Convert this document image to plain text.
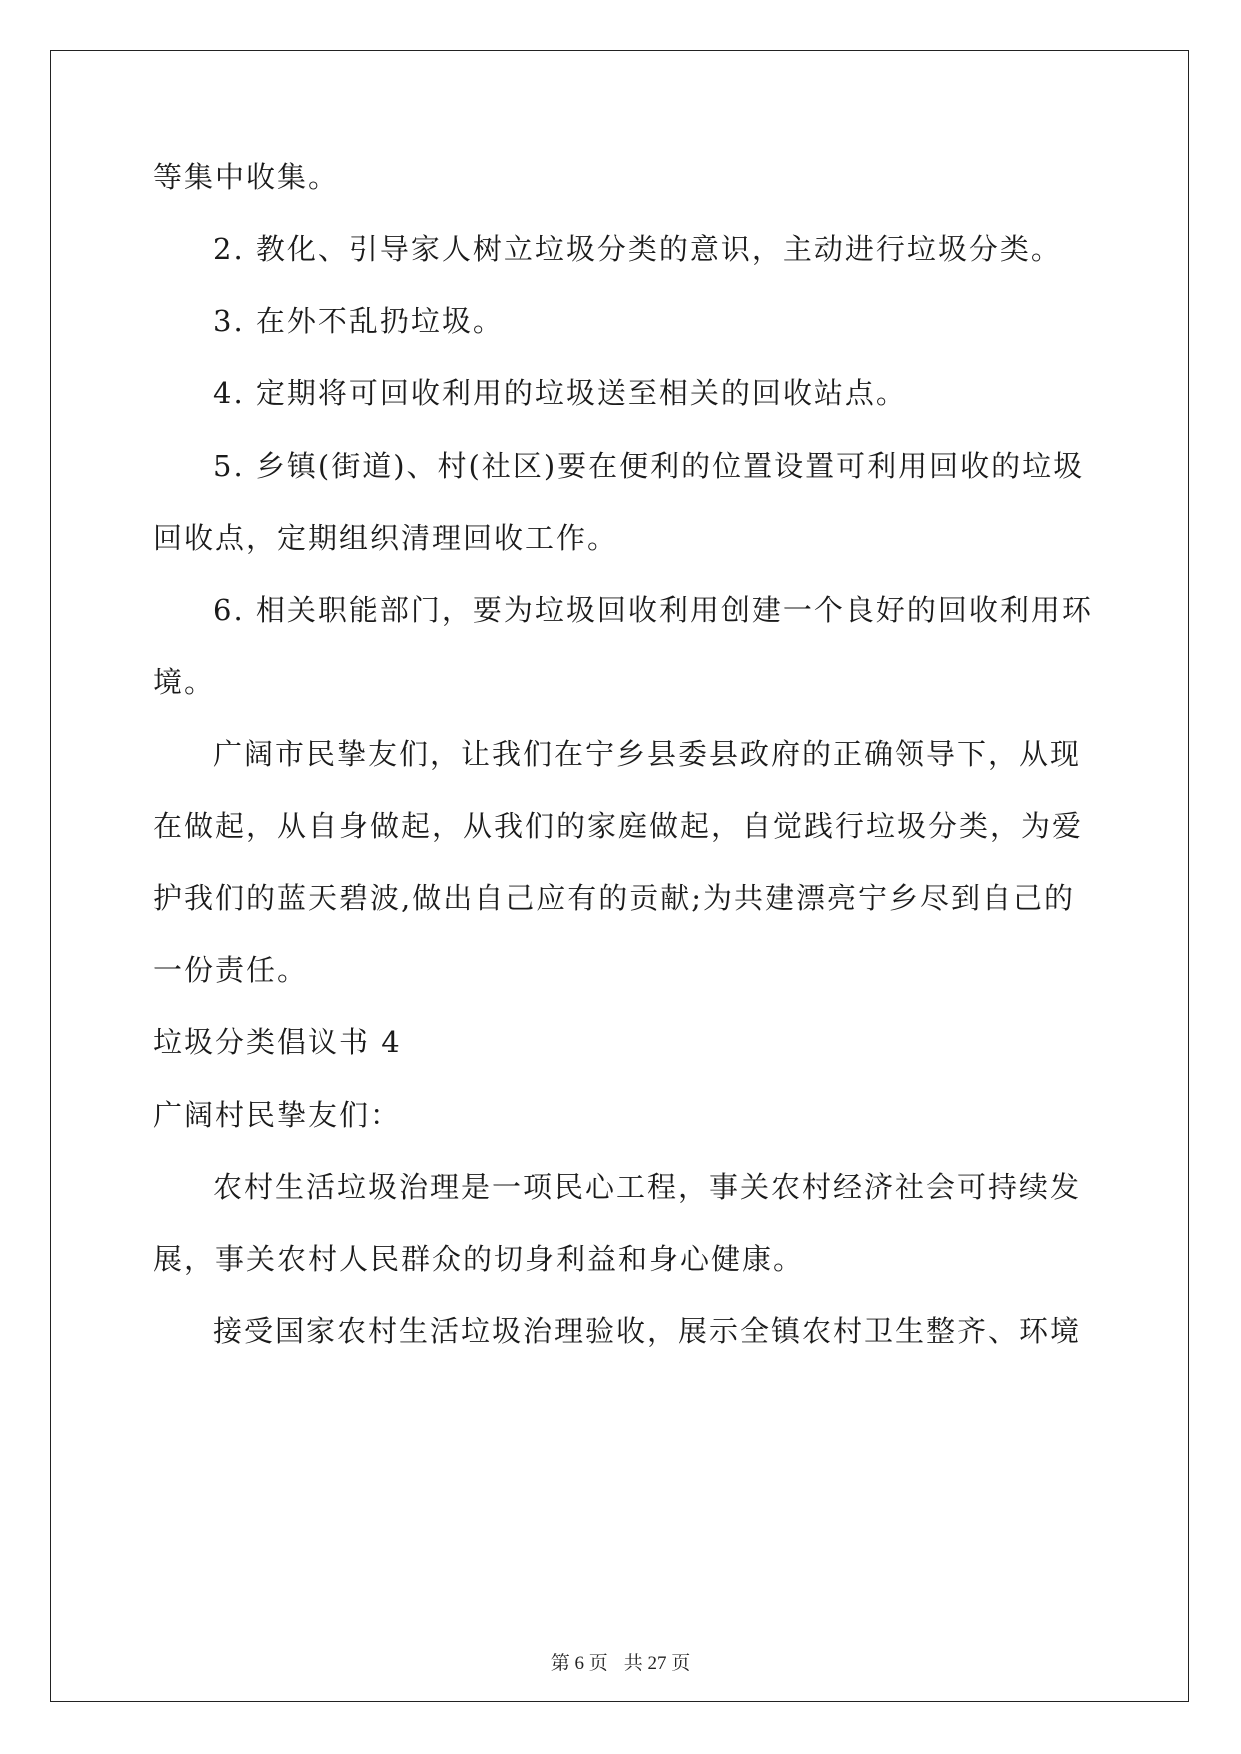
等集中收集。

2. 教化、引导家人树立垃圾分类的意识，主动进行垃圾分类。

3. 在外不乱扔垃圾。

4. 定期将可回收利用的垃圾送至相关的回收站点。

5. 乡镇(街道)、村(社区)要在便利的位置设置可利用回收的垃圾

回收点，定期组织清理回收工作。

6. 相关职能部门，要为垃圾回收利用创建一个良好的回收利用环

境。

广阔市民挚友们，让我们在宁乡县委县政府的正确领导下，从现

在做起，从自身做起，从我们的家庭做起，自觉践行垃圾分类，为爱

护我们的蓝天碧波,做出自己应有的贡献;为共建漂亮宁乡尽到自己的

一份责任。

垃圾分类倡议书 4

广阔村民挚友们：

农村生活垃圾治理是一项民心工程，事关农村经济社会可持续发

展，事关农村人民群众的切身利益和身心健康。

接受国家农村生活垃圾治理验收，展示全镇农村卫生整齐、环境

第 6 页 共 27 页
